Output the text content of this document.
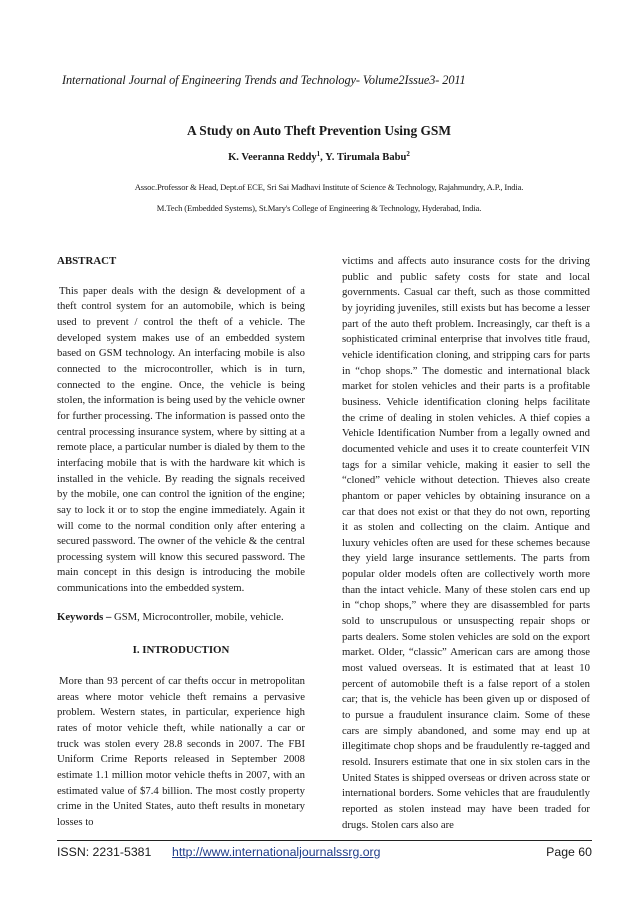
International Journal of Engineering Trends and Technology- Volume2Issue3- 2011
A Study on Auto Theft Prevention Using GSM
K. Veeranna Reddy$^1$, Y. Tirumala Babu$^2$
Assoc.Professor & Head, Dept.of ECE, Sri Sai Madhavi Institute of Science & Technology, Rajahmundry, A.P., India.
M.Tech (Embedded Systems), St.Mary's College of Engineering & Technology, Hyderabad, India.

ABSTRACT

This paper deals with the design & development of a theft control system for an automobile, which is being used to prevent / control the theft of a vehicle. The developed system makes use of an embedded system based on GSM technology. An interfacing mobile is also connected to the microcontroller, which is in turn, connected to the engine. Once, the vehicle is being stolen, the information is being used by the vehicle owner for further processing. The information is passed onto the central processing insurance system, where by sitting at a remote place, a particular number is dialed by them to the interfacing mobile that is with the hardware kit which is installed in the vehicle. By reading the signals received by the mobile, one can control the ignition of the engine; say to lock it or to stop the engine immediately. Again it will come to the normal condition only after entering a secured password. The owner of the vehicle & the central processing system will know this secured password. The main concept in this design is introducing the mobile communications into the embedded system.

Keywords – GSM, Microcontroller, mobile, vehicle.

I. INTRODUCTION

More than 93 percent of car thefts occur in metropolitan areas where motor vehicle theft remains a pervasive problem. Western states, in particular, experience high rates of motor vehicle theft, while nationally a car or truck was stolen every 28.8 seconds in 2007. The FBI Uniform Crime Reports released in September 2008 estimate 1.1 million motor vehicle thefts in 2007, with an estimated value of $7.4 billion. The most costly property crime in the United States, auto theft results in monetary losses to

victims and affects auto insurance costs for the driving public and public safety costs for state and local governments. Casual car theft, such as those committed by joyriding juveniles, still exists but has become a lesser part of the auto theft problem. Increasingly, car theft is a sophisticated criminal enterprise that involves title fraud, vehicle identification cloning, and stripping cars for parts in “chop shops.” The domestic and international black market for stolen vehicles and their parts is a profitable business. Vehicle identification cloning helps facilitate the crime of dealing in stolen vehicles. A thief copies a Vehicle Identification Number from a legally owned and documented vehicle and uses it to create counterfeit VIN tags for a similar vehicle, making it easier to sell the “cloned” vehicle without detection. Thieves also create phantom or paper vehicles by obtaining insurance on a car that does not exist or that they do not own, reporting it as stolen and collecting on the claim. Antique and luxury vehicles often are used for these schemes because they yield large insurance settlements. The parts from popular older models often are collectively worth more than the intact vehicle. Many of these stolen cars end up in “chop shops,” where they are disassembled for parts sold to unscrupulous or unsuspecting repair shops or parts dealers. Some stolen vehicles are sold on the export market. Older, “classic” American cars are among those most valued overseas. It is estimated that at least 10 percent of automobile theft is a false report of a stolen car; that is, the vehicle has been given up or disposed of to pursue a fraudulent insurance claim. Some of these cars are simply abandoned, and some may end up at illegitimate chop shops and be fraudulently re-tagged and resold. Insurers estimate that one in six stolen cars in the United States is shipped overseas or driven across state or international borders. Some vehicles that are fraudulently reported as stolen instead may have been traded for drugs. Stolen cars also are

ISSN: 2231-5381 http://www.internationaljournalssrg.org	Page 60
